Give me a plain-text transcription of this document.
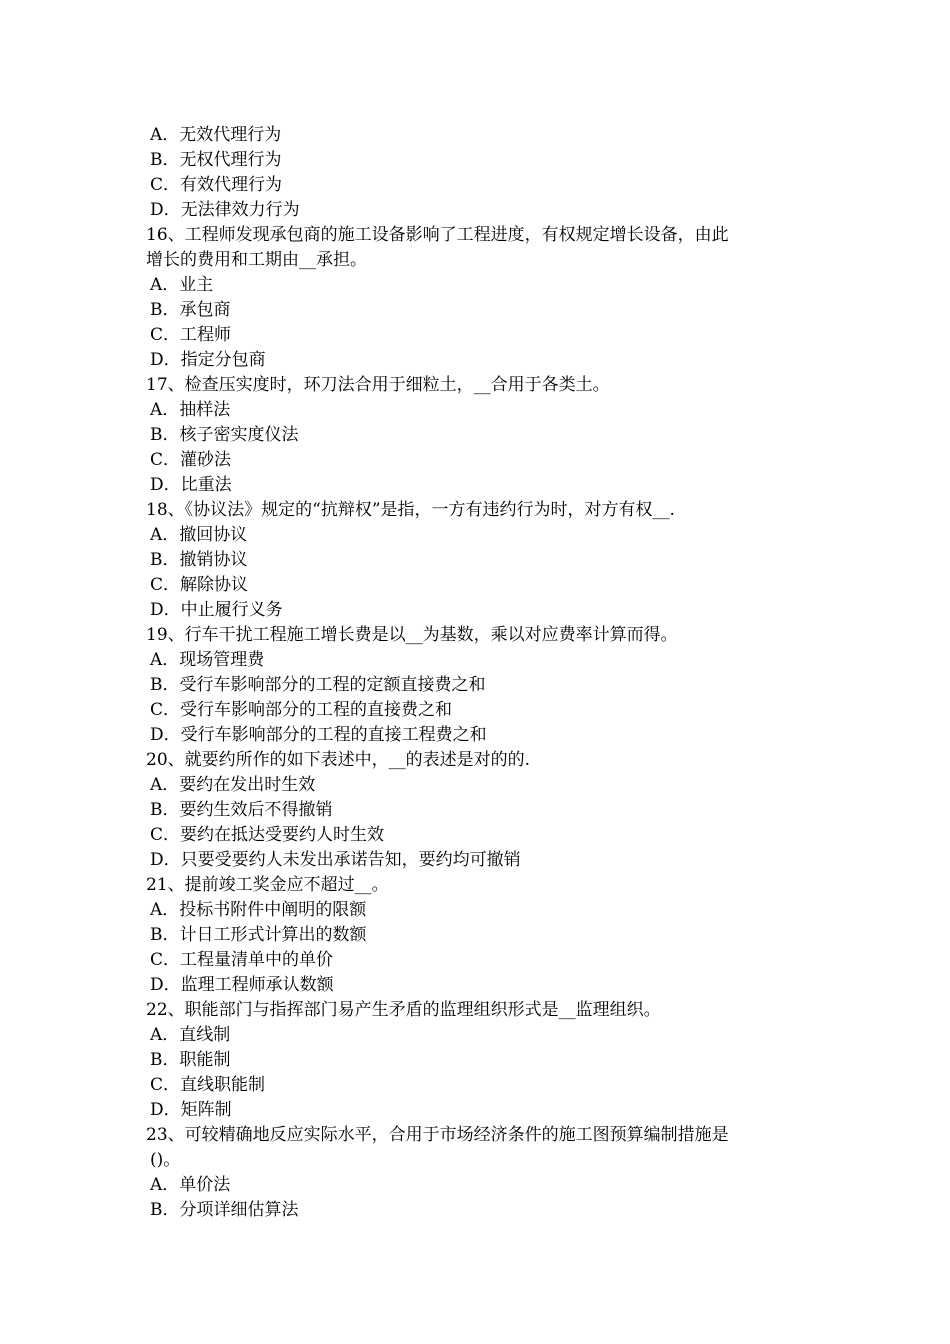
A．无效代理行为
B．无权代理行为
C．有效代理行为
D．无法律效力行为
16、工程师发现承包商的施工设备影响了工程进度，有权规定增长设备，由此
增长的费用和工期由__承担。
A．业主
B．承包商
C．工程师
D．指定分包商
17、检查压实度时，环刀法合用于细粒土，__合用于各类土。
A．抽样法
B．核子密实度仪法
C．灌砂法
D．比重法
18、《协议法》规定的“抗辩权”是指，一方有违约行为时，对方有权__.
A．撤回协议
B．撤销协议
C．解除协议
D．中止履行义务
19、行车干扰工程施工增长费是以__为基数，乘以对应费率计算而得。
A．现场管理费
B．受行车影响部分的工程的定额直接费之和
C．受行车影响部分的工程的直接费之和
D．受行车影响部分的工程的直接工程费之和
20、就要约所作的如下表述中，__的表述是对的的.
A．要约在发出时生效
B．要约生效后不得撤销
C．要约在抵达受要约人时生效
D．只要受要约人未发出承诺告知，要约均可撤销
21、提前竣工奖金应不超过__。
A．投标书附件中阐明的限额
B．计日工形式计算出的数额
C．工程量清单中的单价
D．监理工程师承认数额
22、职能部门与指挥部门易产生矛盾的监理组织形式是__监理组织。
A．直线制
B．职能制
C．直线职能制
D．矩阵制
23、可较精确地反应实际水平，合用于市场经济条件的施工图预算编制措施是
()。
A．单价法
B．分项详细估算法
